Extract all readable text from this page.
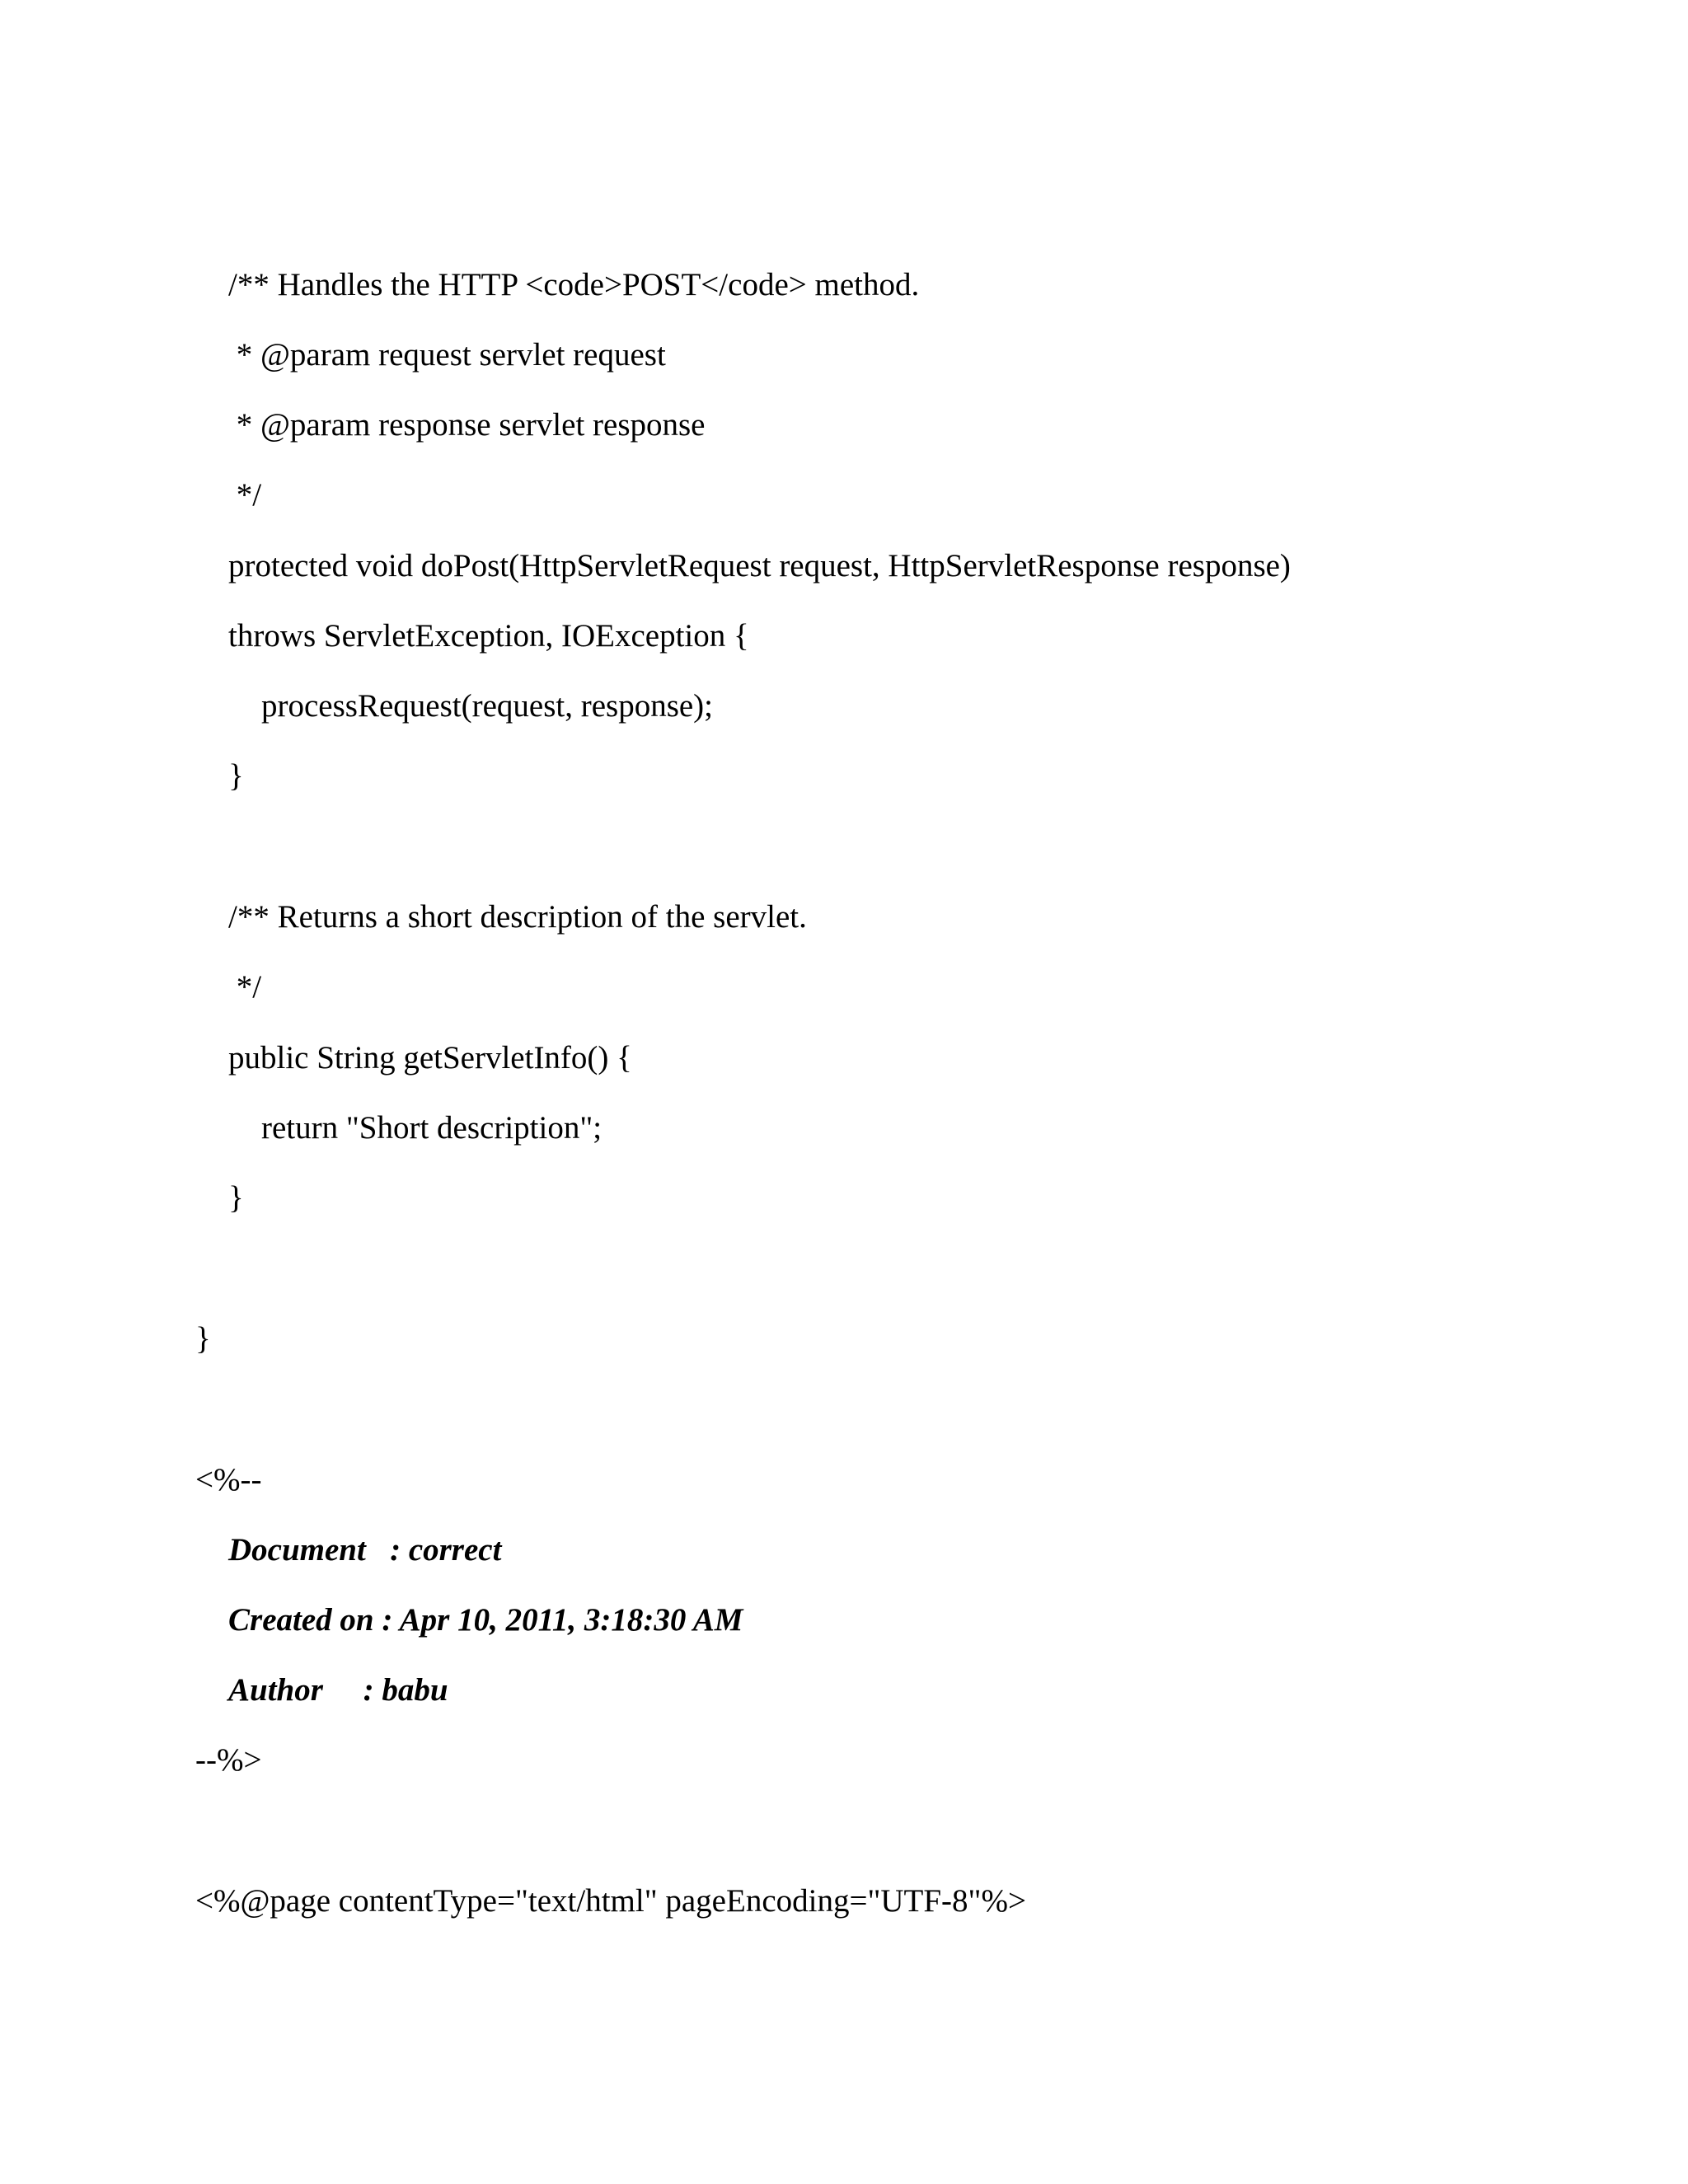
/** Handles the HTTP <code>POST</code> method.
* @param request servlet request
* @param response servlet response
*/
protected void doPost(HttpServletRequest request, HttpServletResponse response)
throws ServletException, IOException {
processRequest(request, response);
}
/** Returns a short description of the servlet.
*/
public String getServletInfo() {
return "Short description";
}
}
<%--
Document   : correct
Created on : Apr 10, 2011, 3:18:30 AM
Author     : babu
--%>
<%@page contentType="text/html" pageEncoding="UTF-8"%>
